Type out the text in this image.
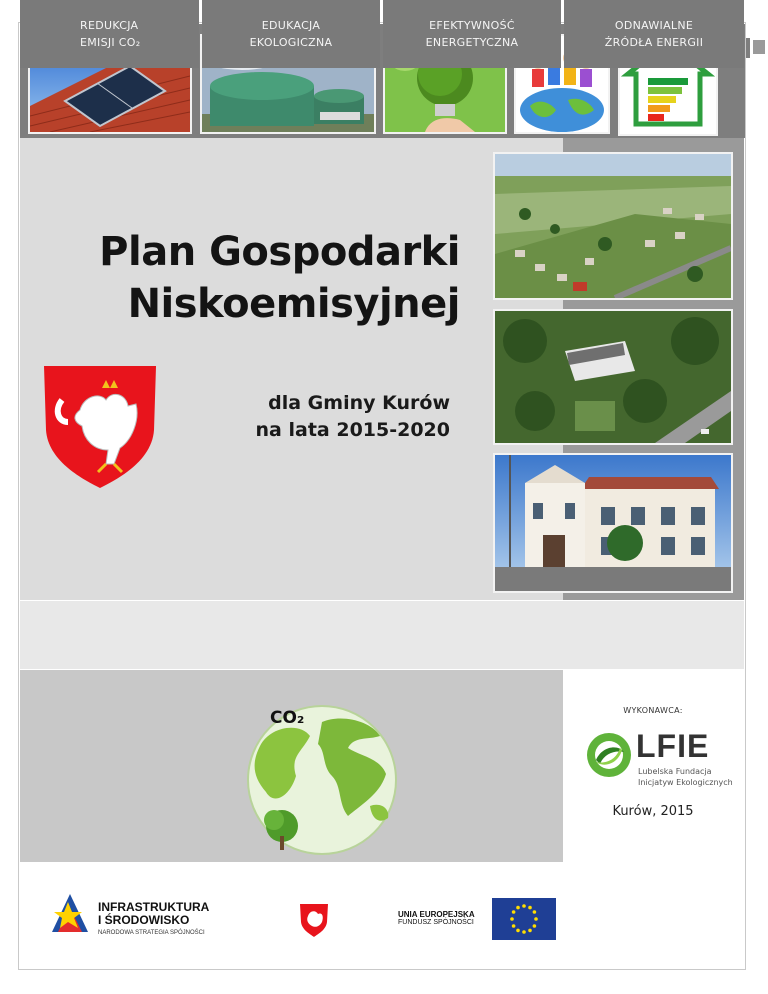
Plan Gospodarki
Niskoemisyjnej
dla Gminy Kurów
na lata 2015-2020
REDUKCJA
EMISJI CO₂
EDUKACJA
EKOLOGICZNA
EFEKTYWNOŚĆ
ENERGETYCZNA
ODNAWIALNE
ŹRÓDŁA ENERGII
CO₂	WYKONAWCA:
LFIE
Lubelska Fundacja
Inicjatyw Ekologicznych
Kurów, 2015
INFRASTRUKTURA
I ŚRODOWISKO
NARODOWA STRATEGIA SPÓJNOŚCI
UNIA EUROPEJSKA
FUNDUSZ SPÓJNOŚCI
